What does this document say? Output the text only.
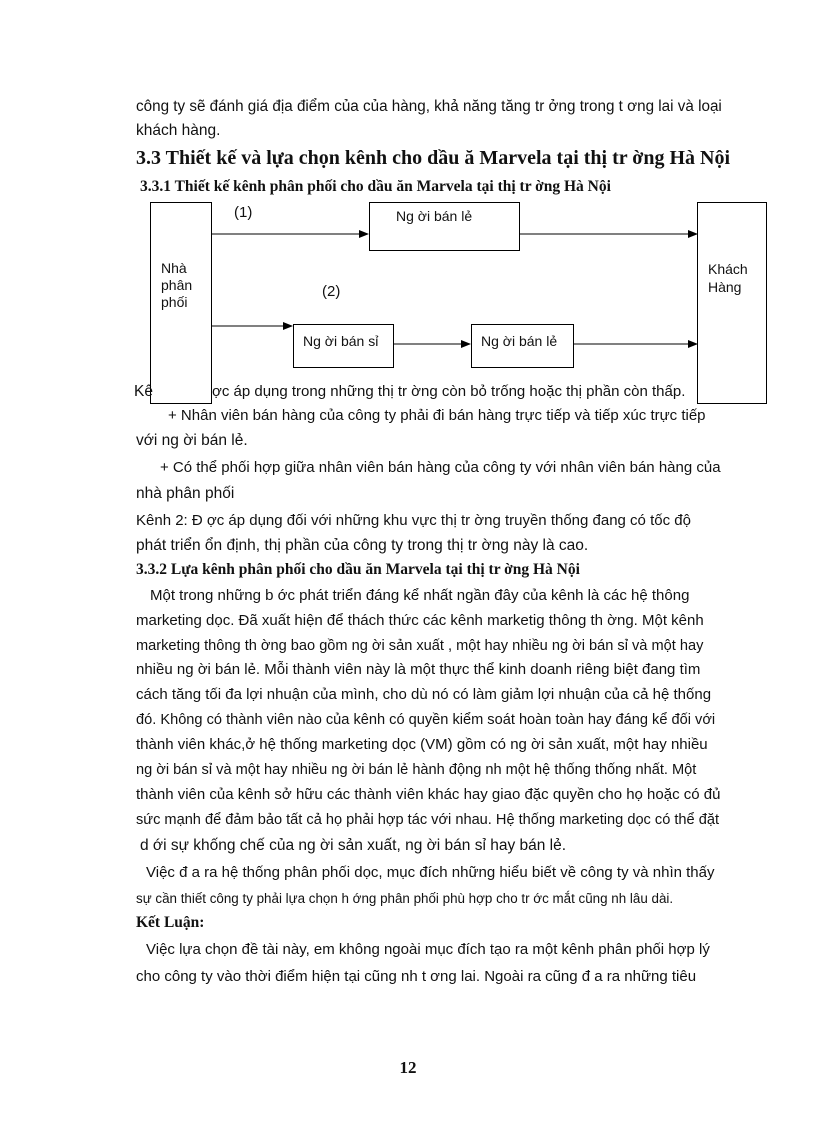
công ty sẽ đánh giá địa điểm của của hàng, khả năng tăng tr ởng trong t ơng lai và loại
khách hàng.
3.3 Thiết kế và lựa chọn kênh cho dầu ă Marvela tại thị tr ờng Hà Nội
3.3.1 Thiết kế kênh phân phối cho dầu ăn Marvela tại thị tr ờng Hà Nội
Nhà
phân
phối
Khách
Hàng
(1)
(2)
Ng ời bán lẻ
Ng ời bán sỉ	Ng ời bán lẻ
Kê	ợc áp dụng trong những thị tr ờng còn bỏ trống hoặc thị phần còn thấp.
+ Nhân viên bán hàng của công ty phải đi bán hàng trực tiếp và tiếp xúc trực tiếp
với ng ời bán lẻ.
+ Có thể phối hợp giữa nhân viên bán hàng của công ty với nhân viên bán hàng của
nhà phân phối
Kênh 2: Đ ợc áp dụng đối với những khu vực thị tr ờng truyền thống đang có tốc độ
phát triển ổn định, thị phần của công ty trong thị tr ờng này là cao.
3.3.2 Lựa kênh phân phối cho dầu ăn Marvela tại thị tr ờng Hà Nội
Một trong những b ớc phát triển đáng kể nhất ngần đây của kênh là các hệ thông
marketing dọc. Đã xuất hiện để thách thức các kênh marketig thông th ờng. Một kênh
marketing thông th ờng bao gồm ng ời sản xuất , một hay nhiều ng ời bán sỉ và một hay
nhiều ng ời bán lẻ. Mỗi thành viên này là một thực thể kinh doanh riêng biệt đang tìm
cách tăng tối đa lợi nhuận của mình, cho dù nó có làm giảm lợi nhuận của cả hệ thống
đó. Không có thành viên nào của kênh có quyền kiểm soát hoàn toàn hay đáng kể đối với
thành viên khác,ở hệ thống marketing dọc (VM) gồm có ng ời sản xuất, một hay nhiều
ng ời bán sỉ và một hay nhiều ng ời bán lẻ hành động nh một hệ thống thống nhất. Một
thành viên của kênh sở hữu các thành viên khác hay giao đặc quyền cho họ hoặc có đủ
sức mạnh để đảm bảo tất cả họ phải hợp tác với nhau. Hệ thống marketing dọc có thể đặt
d ới sự khống chế của ng ời sản xuất, ng ời bán sỉ hay bán lẻ.
Việc đ a ra hệ thống phân phối dọc, mục đích những hiểu biết về công ty và nhìn thấy
sự cần thiết công ty phải lựa chọn h ớng phân phối phù hợp cho tr ớc mắt cũng nh lâu dài.
Kết Luận:
Việc lựa chọn đề tài này, em không ngoài mục đích tạo ra một kênh phân phối hợp lý
cho công ty vào thời điểm hiện tại cũng nh t ơng lai. Ngoài ra cũng đ a ra những tiêu
12
